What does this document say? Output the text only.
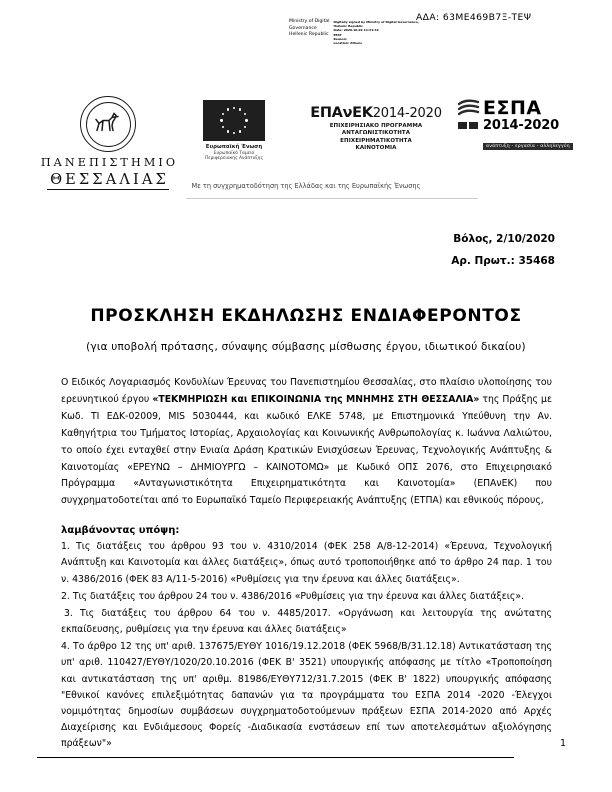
ΑΔΑ: 63ΜΕ469Β7Ξ-ΤΕΨ
Ministry of Digital
Governance
Hellenic Republic
Digitally signed by Ministry of Digital Governance,
Hellenic Republic
Date: 2020.10.02 11:21:42
EEST
Reason:
Location: Athens
ΠΑΝΕΠΙΣΤΗΜΙΟ
ΘΕΣΣΑΛΙΑΣ
Ευρωπαϊκή Ένωση
Ευρωπαϊκό Ταμείο
Περιφερειακής Ανάπτυξης
ΕΠΑνΕΚ2014-2020
ΕΠΙΧΕΙΡΗΣΙΑΚΟ ΠΡΟΓΡΑΜΜΑ
ΑΝΤΑΓΩΝΙΣΤΙΚΟΤΗΤΑ
ΕΠΙΧΕΙΡΗΜΑΤΙΚΟΤΗΤΑ
ΚΑΙΝΟΤΟΜΙΑ
ΕΣΠΑ
2014-2020
ανάπτυξη - εργασία - αλληλεγγύη
Με τη συγχρηματοδότηση της Ελλάδας και της Ευρωπαϊκής Ένωσης
Βόλος, 2/10/2020
Αρ. Πρωτ.: 35468
ΠΡΟΣΚΛΗΣΗ ΕΚΔΗΛΩΣΗΣ ΕΝΔΙΑΦΕΡΟΝΤΟΣ
(για υποβολή πρότασης, σύναψης σύμβασης μίσθωσης έργου, ιδιωτικού δικαίου)

Ο Ειδικός Λογαριασμός Κονδυλίων Έρευνας του Πανεπιστημίου Θεσσαλίας, στο πλαίσιο υλοποίησης του ερευνητικού έργου «ΤΕΚΜΗΡΙΩΣΗ και ΕΠΙΚΟΙΝΩΝΙΑ της ΜΝΗΜΗΣ ΣΤΗ ΘΕΣΣΑΛΙΑ» της Πράξης με Κωδ. ΤΙ ΕΔΚ-02009, MIS 5030444, και κωδικό ΕΛΚΕ 5748, με Επιστημονικά Υπεύθυνη την Αν. Καθηγήτρια του Τμήματος Ιστορίας, Αρχαιολογίας και Κοινωνικής Ανθρωπολογίας κ. Ιωάννα Λαλιώτου, το οποίο έχει ενταχθεί στην Ενιαία Δράση Κρατικών Ενισχύσεων Έρευνας, Τεχνολογικής Ανάπτυξης & Καινοτομίας «ΕΡΕΥΝΩ – ΔΗΜΙΟΥΡΓΩ – ΚΑΙΝΟΤΟΜΩ» με Κωδικό ΟΠΣ 2076, στο Επιχειρησιακό Πρόγραμμα «Ανταγωνιστικότητα Επιχειρηματικότητα και Καινοτομία» (ΕΠΑνΕΚ) που συγχρηματοδοτείται από το Ευρωπαϊκό Ταμείο Περιφερειακής Ανάπτυξης (ΕΤΠΑ) και εθνικούς πόρους,

λαμβάνοντας υπόψη:

1. Τις διατάξεις του άρθρου 93 του ν. 4310/2014 (ΦΕΚ 258 Α/8-12-2014) «Έρευνα, Τεχνολογική Ανάπτυξη και Καινοτομία και άλλες διατάξεις», όπως αυτό τροποποιήθηκε από το άρθρο 24 παρ. 1 του ν. 4386/2016 (ΦΕΚ 83 Α/11-5-2016) «Ρυθμίσεις για την έρευνα και άλλες διατάξεις».

2. Τις διατάξεις του άρθρου 24 του ν. 4386/2016 «Ρυθμίσεις για την έρευνα και άλλες διατάξεις».

3. Τις διατάξεις του άρθρου 64 του ν. 4485/2017. «Οργάνωση και λειτουργία της ανώτατης εκπαίδευσης, ρυθμίσεις για την έρευνα και άλλες διατάξεις»

4. Το άρθρο 12 της υπ' αριθ. 137675/ΕΥΘΥ 1016/19.12.2018 (ΦΕΚ 5968/Β/31.12.18) Αντικατάσταση της υπ' αριθ. 110427/ΕΥΘΥ/1020/20.10.2016 (ΦΕΚ Β' 3521) υπουργικής απόφασης με τίτλο «Τροποποίηση και αντικατάσταση της υπ' αριθμ. 81986/ΕΥΘΥ712/31.7.2015 (ΦΕΚ Β' 1822) υπουργικής απόφασης "Εθνικοί κανόνες επιλεξιμότητας δαπανών για τα προγράμματα του ΕΣΠΑ 2014 -2020 -Έλεγχοι νομιμότητας δημοσίων συμβάσεων συγχρηματοδοτούμενων πράξεων ΕΣΠΑ 2014-2020 από Αρχές Διαχείρισης και Ενδιάμεσους Φορείς -Διαδικασία ενστάσεων επί των αποτελεσμάτων αξιολόγησης πράξεων"»	1
